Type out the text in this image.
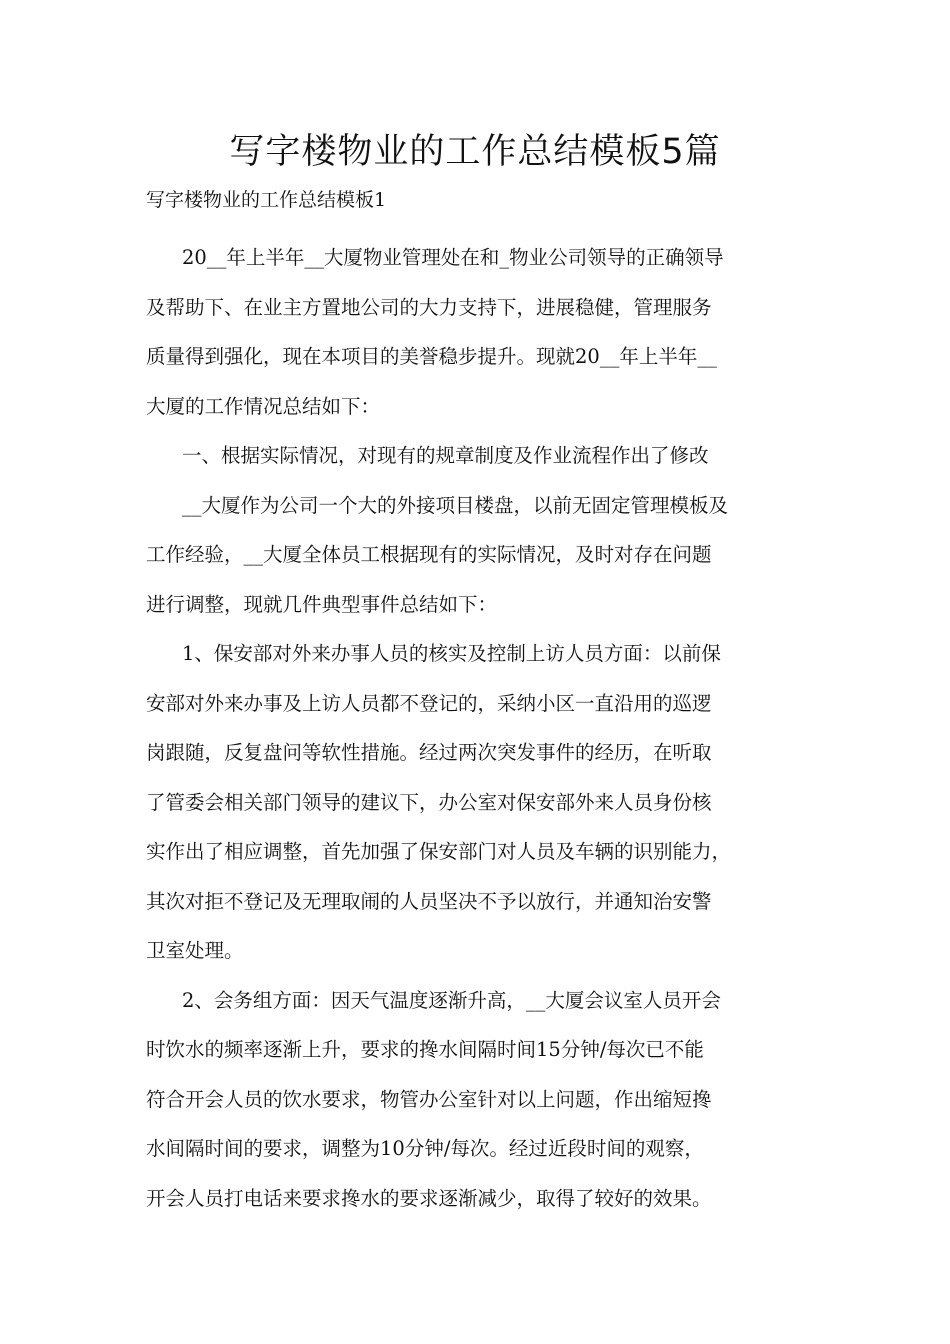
写字楼物业的工作总结模板5篇

写字楼物业的工作总结模板1

20__年上半年__大厦物业管理处在和_物业公司领导的正确领导
及帮助下、在业主方置地公司的大力支持下，进展稳健，管理服务
质量得到强化，现在本项目的美誉稳步提升。现就20__年上半年__
大厦的工作情况总结如下：

一、根据实际情况，对现有的规章制度及作业流程作出了修改

__大厦作为公司一个大的外接项目楼盘，以前无固定管理模板及
工作经验，__大厦全体员工根据现有的实际情况，及时对存在问题
进行调整，现就几件典型事件总结如下：

1、保安部对外来办事人员的核实及控制上访人员方面：以前保
安部对外来办事及上访人员都不登记的，采纳小区一直沿用的巡逻
岗跟随，反复盘问等软性措施。经过两次突发事件的经历，在听取
了管委会相关部门领导的建议下，办公室对保安部外来人员身份核
实作出了相应调整，首先加强了保安部门对人员及车辆的识别能力，
其次对拒不登记及无理取闹的人员坚决不予以放行，并通知治安警
卫室处理。

2、会务组方面：因天气温度逐渐升高，__大厦会议室人员开会
时饮水的频率逐渐上升，要求的搀水间隔时间15分钟/每次已不能
符合开会人员的饮水要求，物管办公室针对以上问题，作出缩短搀
水间隔时间的要求，调整为10分钟/每次。经过近段时间的观察，
开会人员打电话来要求搀水的要求逐渐减少，取得了较好的效果。
